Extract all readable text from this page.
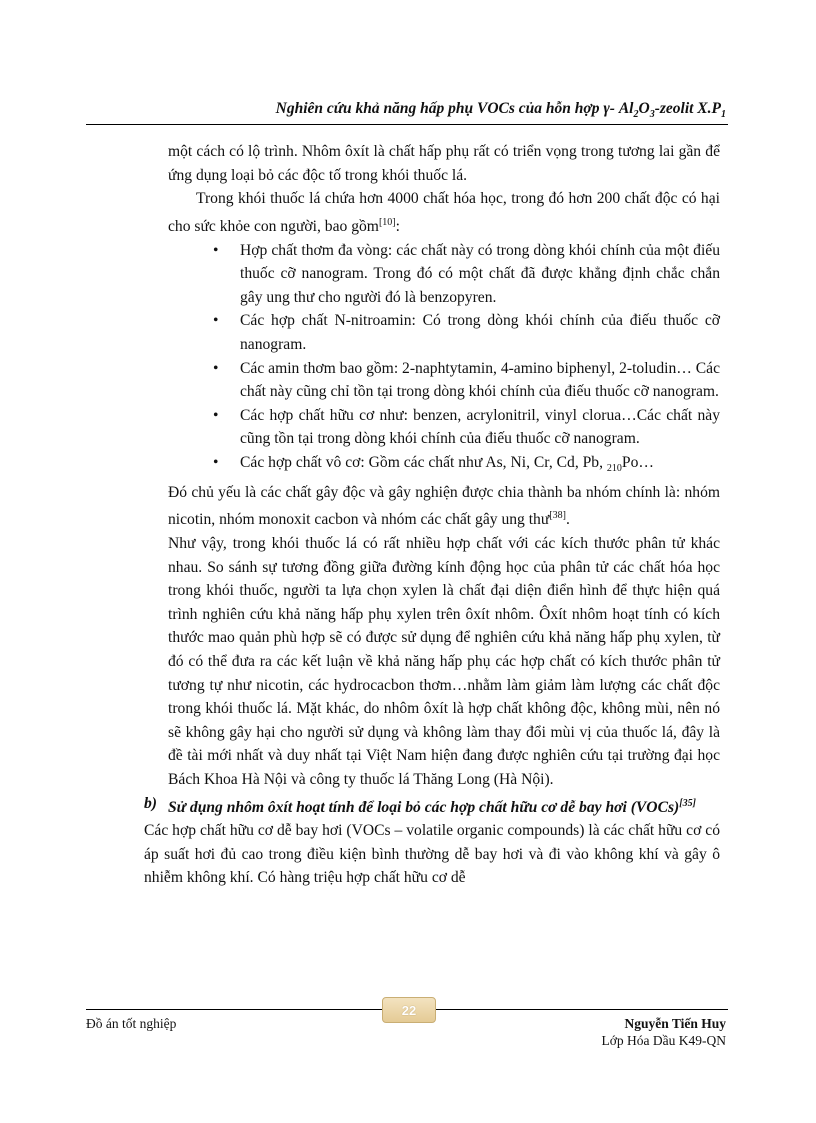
Nghiên cứu khả năng hấp phụ VOCs của hỗn hợp γ- $Al_2O_3$-zeolit $X.P_1$

một cách có lộ trình. Nhôm ôxít là chất hấp phụ rất có triển vọng trong tương lai gần để ứng dụng loại bỏ các độc tố trong khói thuốc lá.

Trong khói thuốc lá chứa hơn 4000 chất hóa học, trong đó hơn 200 chất độc có hại cho sức khỏe con người, bao gồm[10]:

• Hợp chất thơm đa vòng: các chất này có trong dòng khói chính của một điếu thuốc cỡ nanogram. Trong đó có một chất đã được khẳng định chắc chắn gây ung thư cho người đó là benzopyren.
• Các hợp chất N-nitroamin: Có trong dòng khói chính của điếu thuốc cỡ nanogram.
• Các amin thơm bao gồm: 2-naphtytamin, 4-amino biphenyl, 2-toludin… Các chất này cũng chỉ tồn tại trong dòng khói chính của điếu thuốc cỡ nanogram.
• Các hợp chất hữu cơ như: benzen, acrylonitril, vinyl clorua…Các chất này cũng tồn tại trong dòng khói chính của điếu thuốc cỡ nanogram.
• Các hợp chất vô cơ: Gồm các chất như As, Ni, Cr, Cd, Pb, $_{210}$Po…

Đó chủ yếu là các chất gây độc và gây nghiện được chia thành ba nhóm chính là: nhóm nicotin, nhóm monoxit cacbon và nhóm các chất gây ung thư[38].

Như vậy, trong khói thuốc lá có rất nhiều hợp chất với các kích thước phân tử khác nhau. So sánh sự tương đồng giữa đường kính động học của phân tử các chất hóa học trong khói thuốc, người ta lựa chọn xylen là chất đại diện điển hình để thực hiện quá trình nghiên cứu khả năng hấp phụ xylen trên ôxít nhôm. Ôxít nhôm hoạt tính có kích thước mao quản phù hợp sẽ có được sử dụng để nghiên cứu khả năng hấp phụ xylen, từ đó có thể đưa ra các kết luận về khả năng hấp phụ các hợp chất có kích thước phân tử tương tự như nicotin, các hydrocacbon thơm…nhằm làm giảm làm lượng các chất độc trong khói thuốc lá. Mặt khác, do nhôm ôxít là hợp chất không độc, không mùi, nên nó sẽ không gây hại cho người sử dụng và không làm thay đổi mùi vị của thuốc lá, đây là đề tài mới nhất và duy nhất tại Việt Nam hiện đang được nghiên cứu tại trường đại học Bách Khoa Hà Nội và công ty thuốc lá Thăng Long (Hà Nội).

b) Sử dụng nhôm ôxít hoạt tính để loại bỏ các hợp chất hữu cơ dễ bay hơi (VOCs)[35]

Các hợp chất hữu cơ dễ bay hơi (VOCs – volatile organic compounds) là các chất hữu cơ có áp suất hơi đủ cao trong điều kiện bình thường dễ bay hơi và đi vào không khí và gây ô nhiễm không khí. Có hàng triệu hợp chất hữu cơ dễ

22

Đồ án tốt nghiệp	Nguyễn Tiến Huy

Lớp Hóa Dầu K49-QN
